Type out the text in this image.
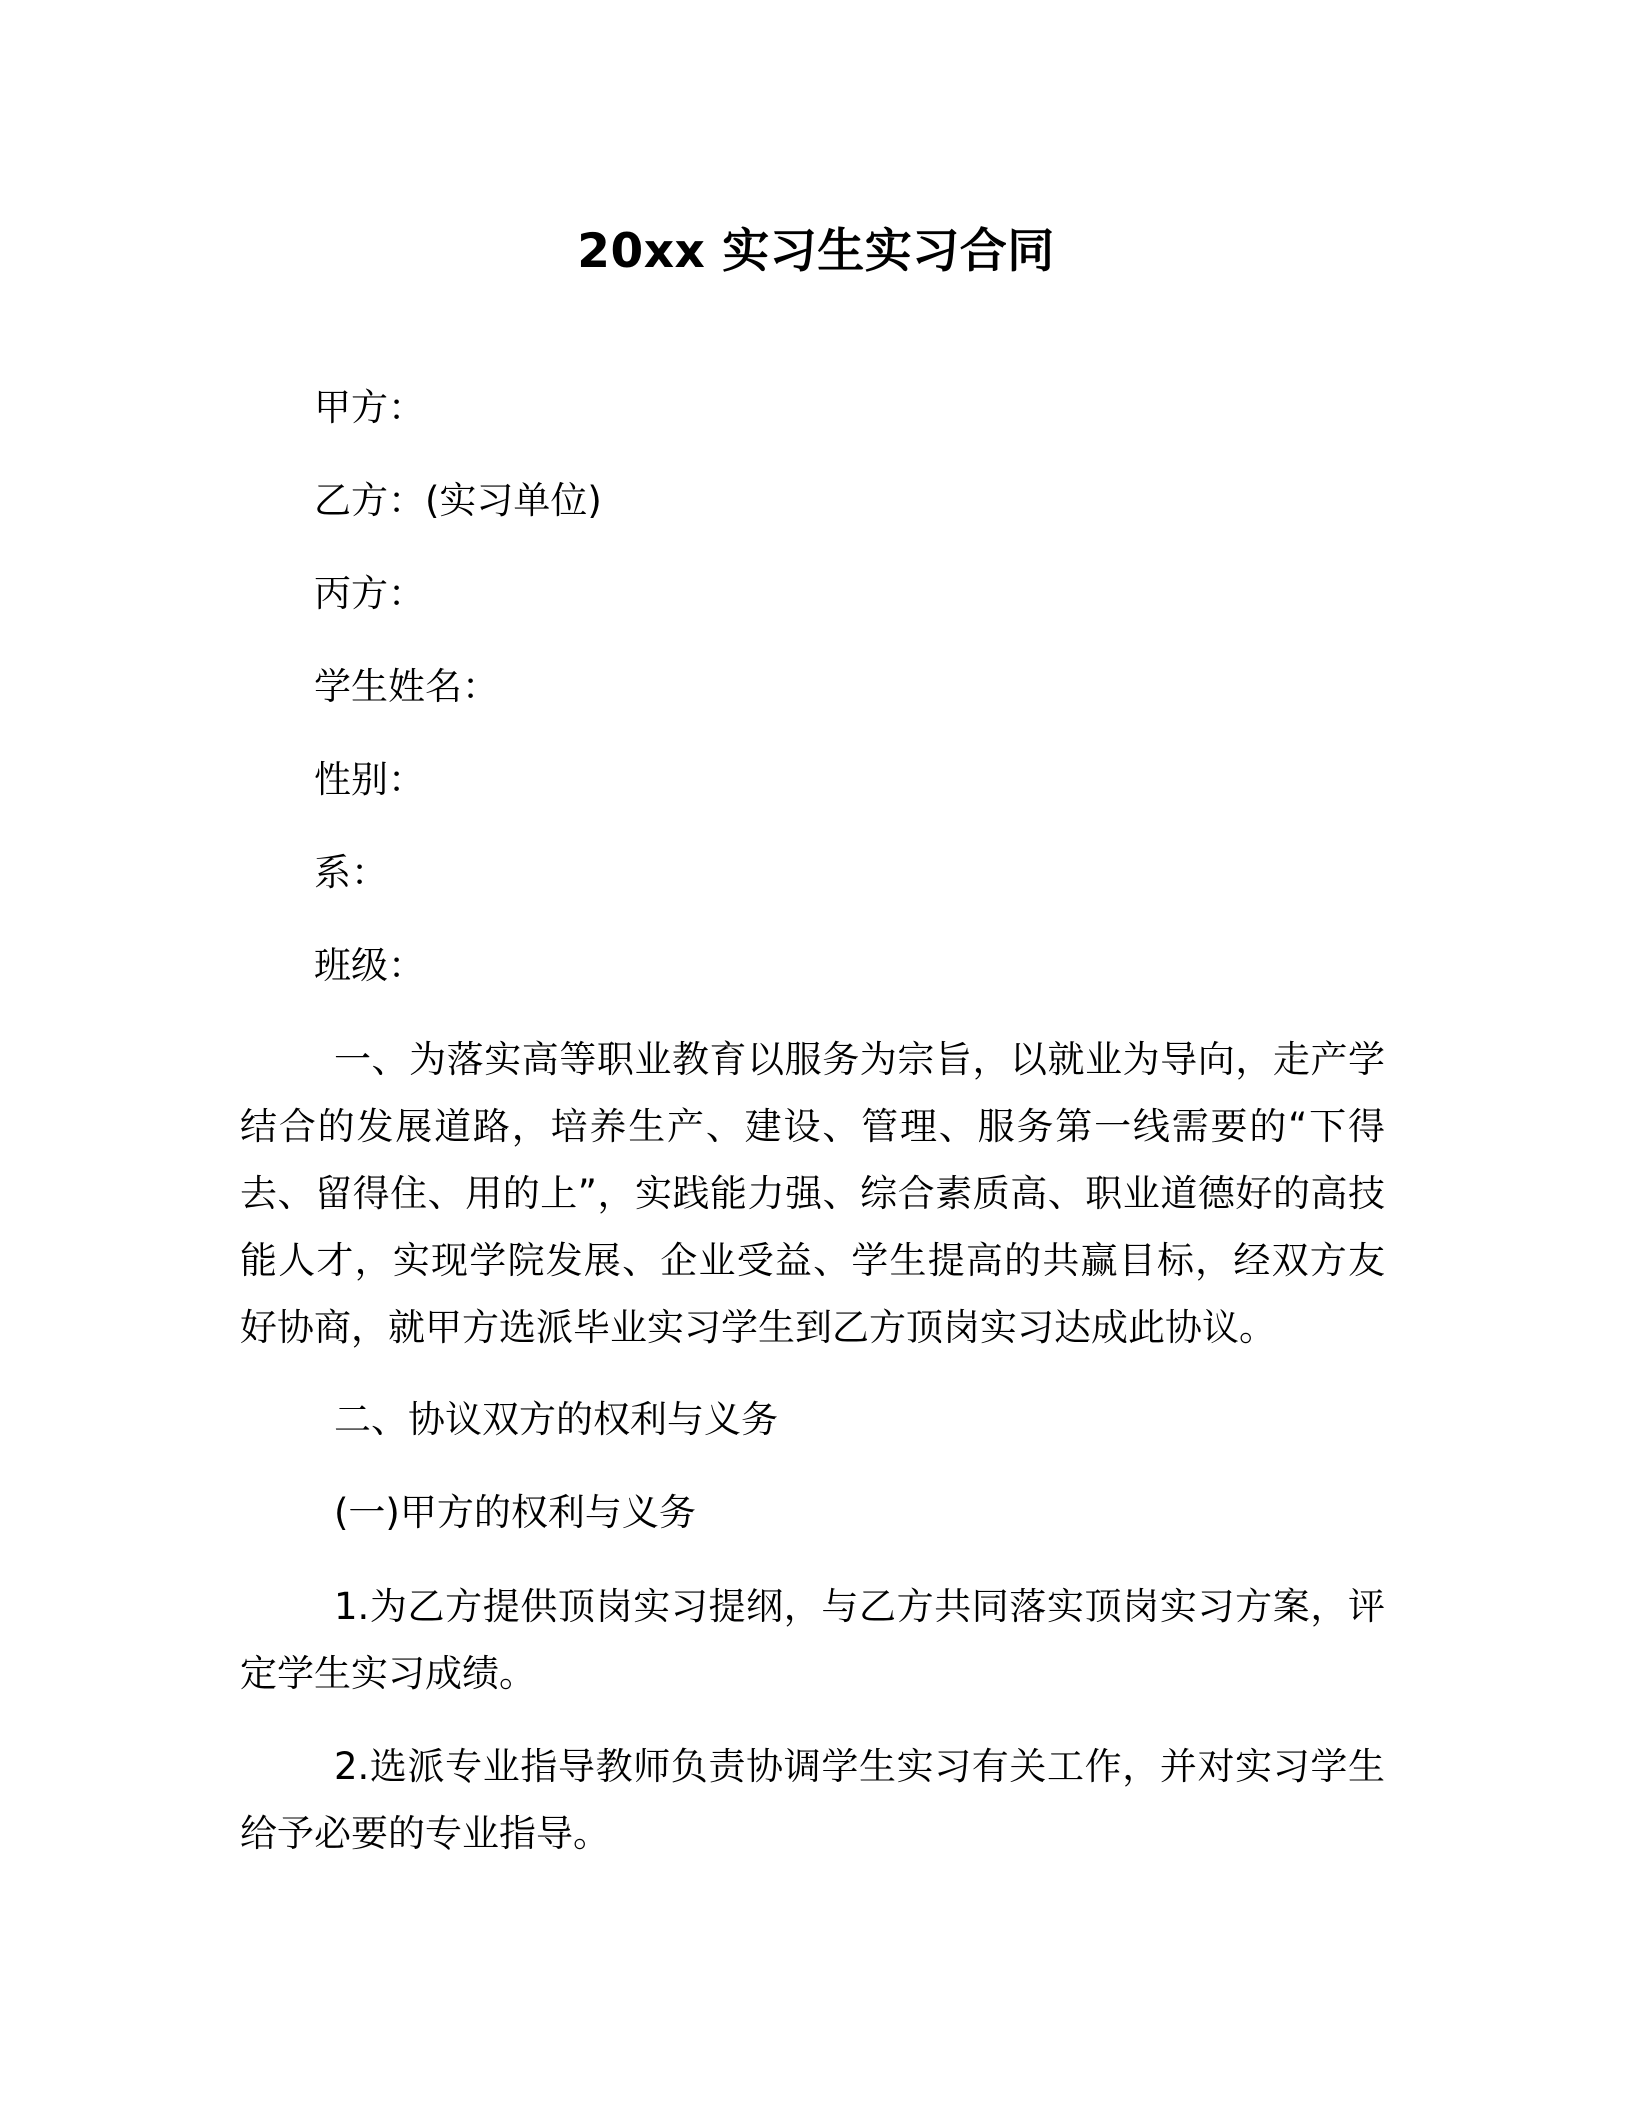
20xx 实习生实习合同
甲方：
乙方：(实习单位)
丙方：
学生姓名：
性别：
系：
班级：
一、为落实高等职业教育以服务为宗旨，以就业为导向，走产学结合的发展道路，培养生产、建设、管理、服务第一线需要的“下得去、留得住、用的上”，实践能力强、综合素质高、职业道德好的高技能人才，实现学院发展、企业受益、学生提高的共赢目标，经双方友好协商，就甲方选派毕业实习学生到乙方顶岗实习达成此协议。
二、协议双方的权利与义务
(一)甲方的权利与义务
1.为乙方提供顶岗实习提纲，与乙方共同落实顶岗实习方案，评定学生实习成绩。
2.选派专业指导教师负责协调学生实习有关工作，并对实习学生给予必要的专业指导。
